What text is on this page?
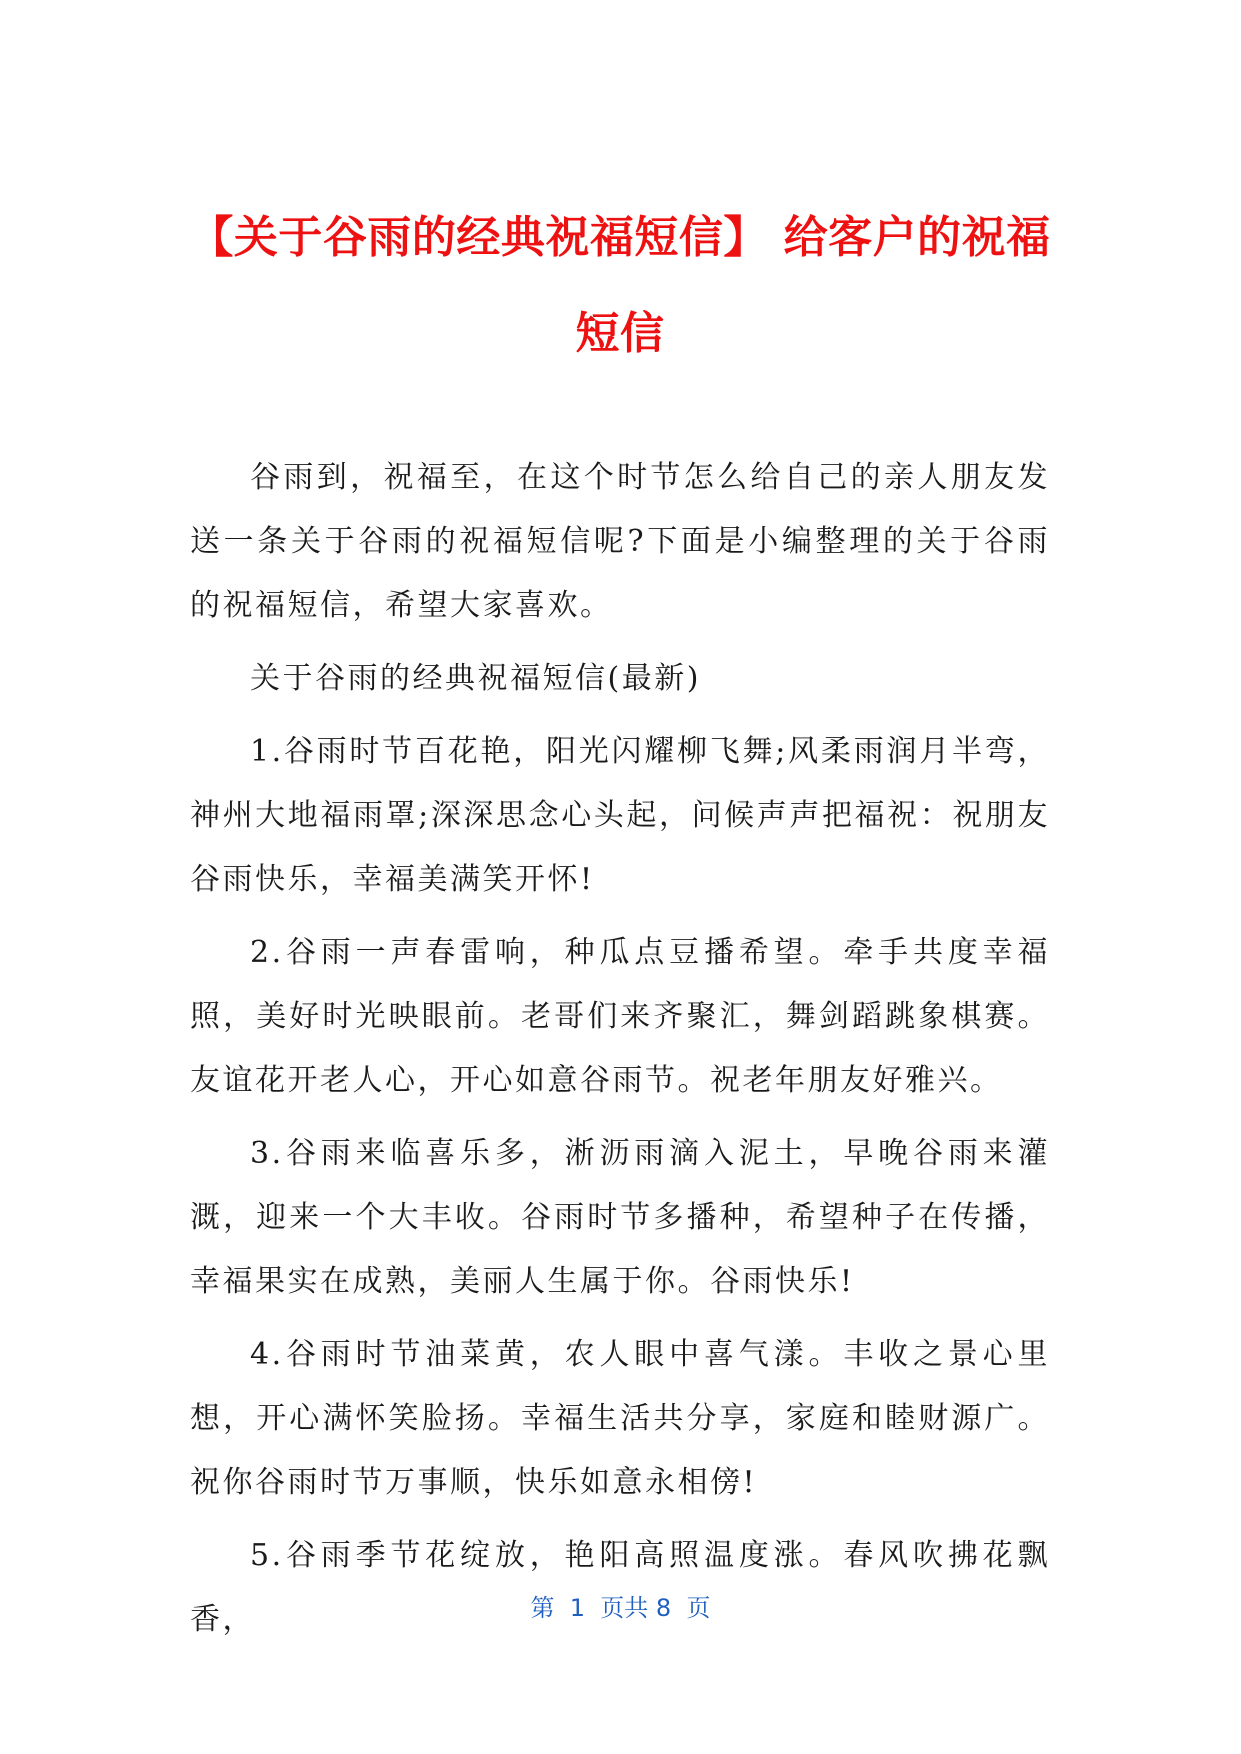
【关于谷雨的经典祝福短信】 给客户的祝福短信

谷雨到，祝福至，在这个时节怎么给自己的亲人朋友发送一条关于谷雨的祝福短信呢?下面是小编整理的关于谷雨的祝福短信，希望大家喜欢。

关于谷雨的经典祝福短信(最新)

1.谷雨时节百花艳，阳光闪耀柳飞舞;风柔雨润月半弯，神州大地福雨罩;深深思念心头起，问候声声把福祝：祝朋友谷雨快乐，幸福美满笑开怀!

2.谷雨一声春雷响，种瓜点豆播希望。牵手共度幸福照，美好时光映眼前。老哥们来齐聚汇，舞剑蹈跳象棋赛。友谊花开老人心，开心如意谷雨节。祝老年朋友好雅兴。

3.谷雨来临喜乐多，淅沥雨滴入泥土，早晚谷雨来灌溉，迎来一个大丰收。谷雨时节多播种，希望种子在传播，幸福果实在成熟，美丽人生属于你。谷雨快乐!

4.谷雨时节油菜黄，农人眼中喜气漾。丰收之景心里想，开心满怀笑脸扬。幸福生活共分享，家庭和睦财源广。祝你谷雨时节万事顺，快乐如意永相傍!

5.谷雨季节花绽放，艳阳高照温度涨。春风吹拂花飘香，	第  1  页共 8  页
